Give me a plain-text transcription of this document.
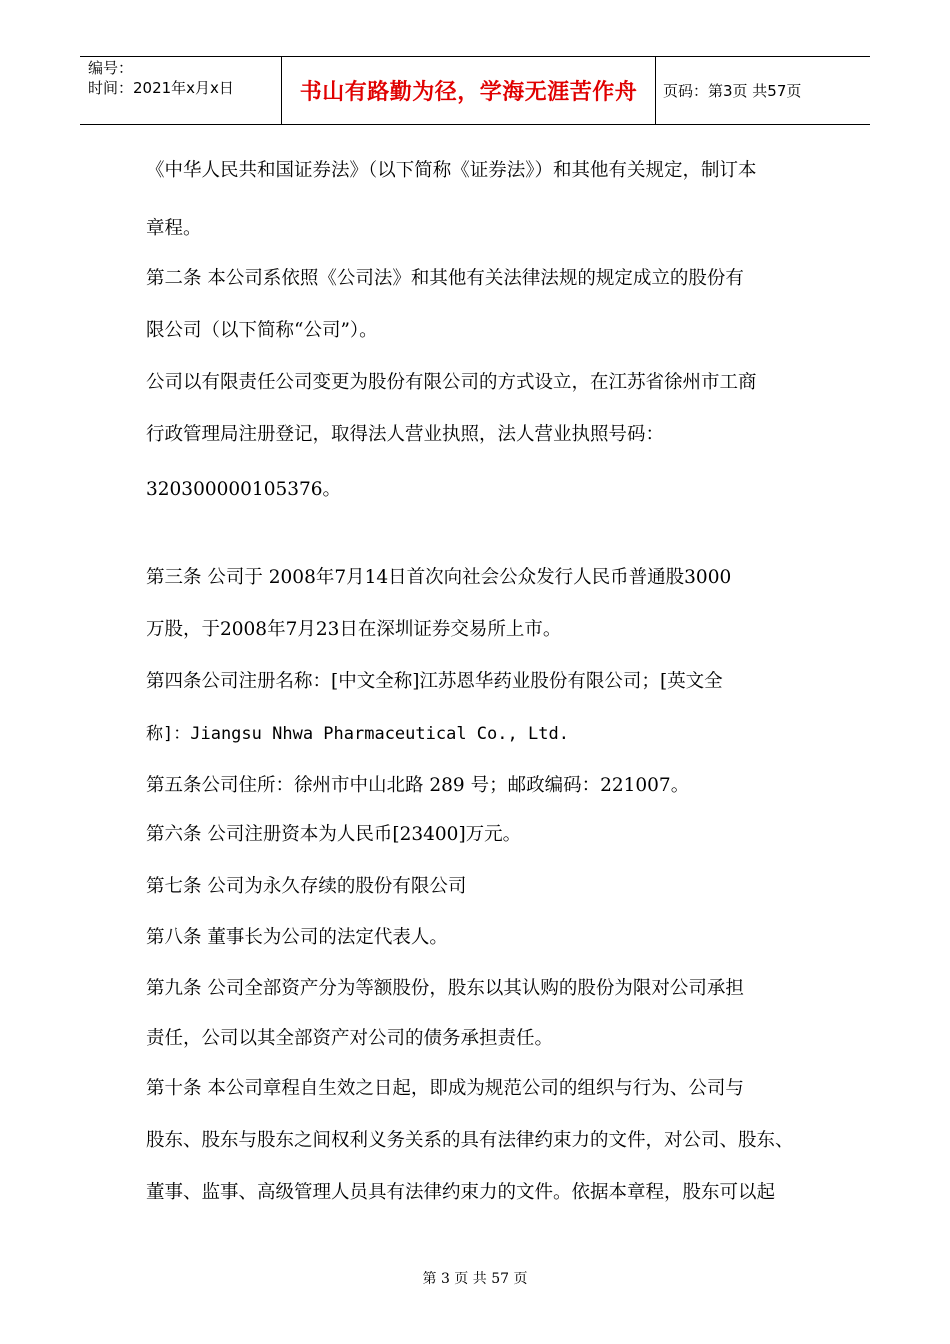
编号：
时间：2021年x月x日	书山有路勤为径，学海无涯苦作舟	页码：第3页 共57页
《中华人民共和国证券法》（以下简称《证券法》）和其他有关规定，制订本
章程。
第二条 本公司系依照《公司法》和其他有关法律法规的规定成立的股份有
限公司（以下简称“公司”）。
公司以有限责任公司变更为股份有限公司的方式设立，在江苏省徐州市工商
行政管理局注册登记，取得法人营业执照，法人营业执照号码：
320300000105376。
第三条 公司于 2008年7月14日首次向社会公众发行人民币普通股3000
万股，于2008年7月23日在深圳证券交易所上市。
第四条公司注册名称：[中文全称]江苏恩华药业股份有限公司；[英文全
称]：Jiangsu Nhwa Pharmaceutical Co., Ltd.
第五条公司住所：徐州市中山北路 289 号；邮政编码：221007。
第六条 公司注册资本为人民币[23400]万元。
第七条 公司为永久存续的股份有限公司
第八条 董事长为公司的法定代表人。
第九条 公司全部资产分为等额股份，股东以其认购的股份为限对公司承担
责任，公司以其全部资产对公司的债务承担责任。
第十条 本公司章程自生效之日起，即成为规范公司的组织与行为、公司与
股东、股东与股东之间权利义务关系的具有法律约束力的文件，对公司、股东、
董事、监事、高级管理人员具有法律约束力的文件。依据本章程，股东可以起
第 3 页 共 57 页
